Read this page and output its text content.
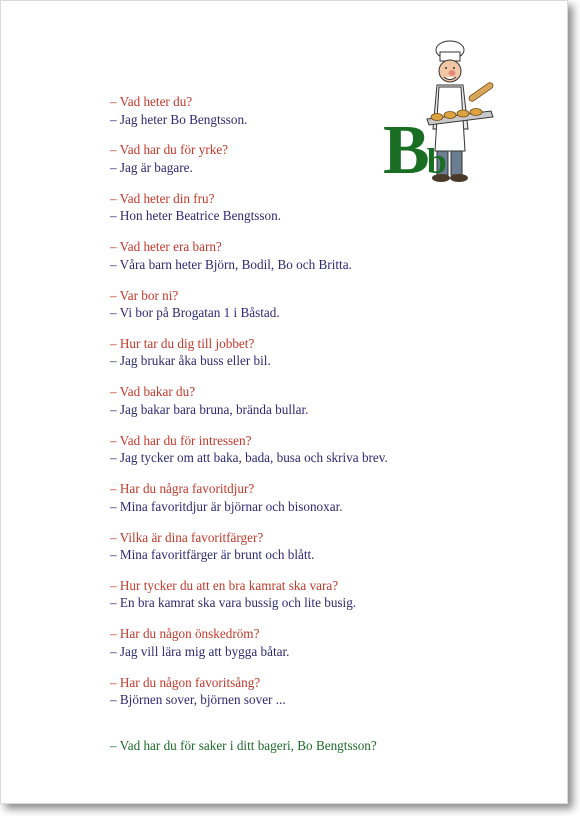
Bb
– Vad heter du?
– Jag heter Bo Bengtsson.
– Vad har du för yrke?
– Jag är bagare.
– Vad heter din fru?
– Hon heter Beatrice Bengtsson.
– Vad heter era barn?
– Våra barn heter Björn, Bodil, Bo och Britta.
– Var bor ni?
– Vi bor på Brogatan 1 i Båstad.
– Hur tar du dig till jobbet?
– Jag brukar åka buss eller bil.
– Vad bakar du?
– Jag bakar bara bruna, brända bullar.
– Vad har du för intressen?
– Jag tycker om att baka, bada, busa och skriva brev.
– Har du några favoritdjur?
– Mina favoritdjur är björnar och bisonoxar.
– Vilka är dina favoritfärger?
– Mina favoritfärger är brunt och blått.
– Hur tycker du att en bra kamrat ska vara?
– En bra kamrat ska vara bussig och lite busig.
– Har du någon önskedröm?
– Jag vill lära mig att bygga båtar.
– Har du någon favoritsång?
– Björnen sover, björnen sover ...
– Vad har du för saker i ditt bageri, Bo Bengtsson?
